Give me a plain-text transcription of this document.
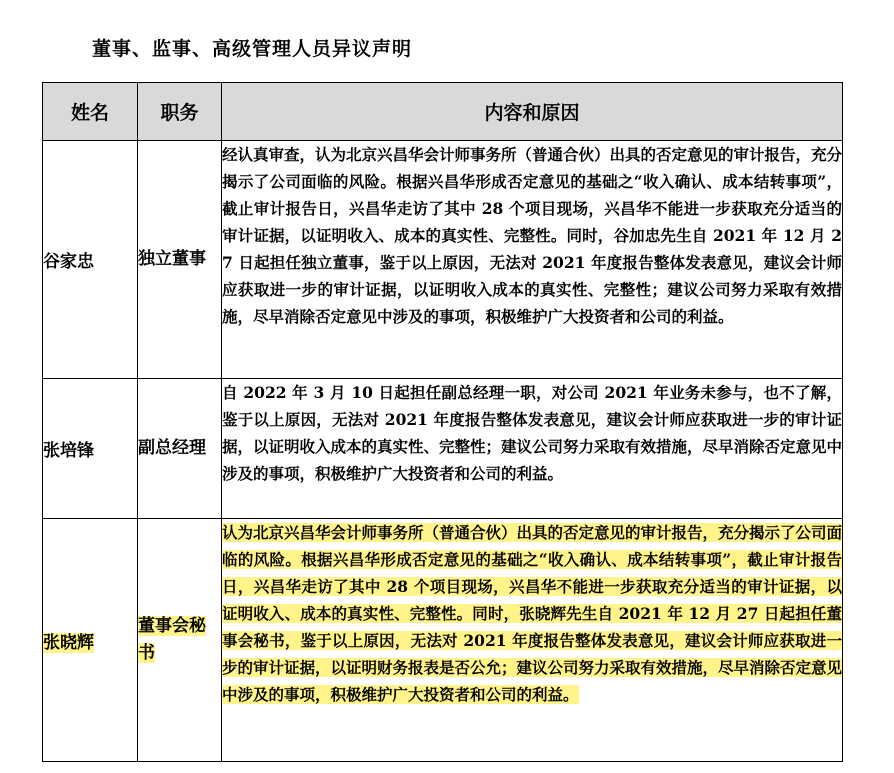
董事、监事、高级管理人员异议声明
姓名	职务	内容和原因
谷家忠	独立董事	经认真审查，认为北京兴昌华会计师事务所（普通合伙）出具的否定意见的审计报告，充分揭示了公司面临的风险。根据兴昌华形成否定意见的基础之“收入确认、成本结转事项”，截止审计报告日，兴昌华走访了其中 28 个项目现场，兴昌华不能进一步获取充分适当的审计证据，以证明收入、成本的真实性、完整性。同时，谷加忠先生自 2021 年 12 月 27 日起担任独立董事，鉴于以上原因，无法对 2021 年度报告整体发表意见，建议会计师应获取进一步的审计证据，以证明收入成本的真实性、完整性；建议公司努力采取有效措施，尽早消除否定意见中涉及的事项，积极维护广大投资者和公司的利益。
张培锋	副总经理	自 2022 年 3 月 10 日起担任副总经理一职，对公司 2021 年业务未参与，也不了解，鉴于以上原因，无法对 2021 年度报告整体发表意见，建议会计师应获取进一步的审计证据，以证明收入成本的真实性、完整性；建议公司努力采取有效措施，尽早消除否定意见中涉及的事项，积极维护广大投资者和公司的利益。
张晓辉	董事会秘书	认为北京兴昌华会计师事务所（普通合伙）出具的否定意见的审计报告，充分揭示了公司面临的风险。根据兴昌华形成否定意见的基础之“收入确认、成本结转事项”，截止审计报告日，兴昌华走访了其中 28 个项目现场，兴昌华不能进一步获取充分适当的审计证据，以证明收入、成本的真实性、完整性。同时，张晓辉先生自 2021 年 12 月 27 日起担任董事会秘书，鉴于以上原因，无法对 2021 年度报告整体发表意见，建议会计师应获取进一步的审计证据，以证明财务报表是否公允；建议公司努力采取有效措施，尽早消除否定意见中涉及的事项，积极维护广大投资者和公司的利益。
